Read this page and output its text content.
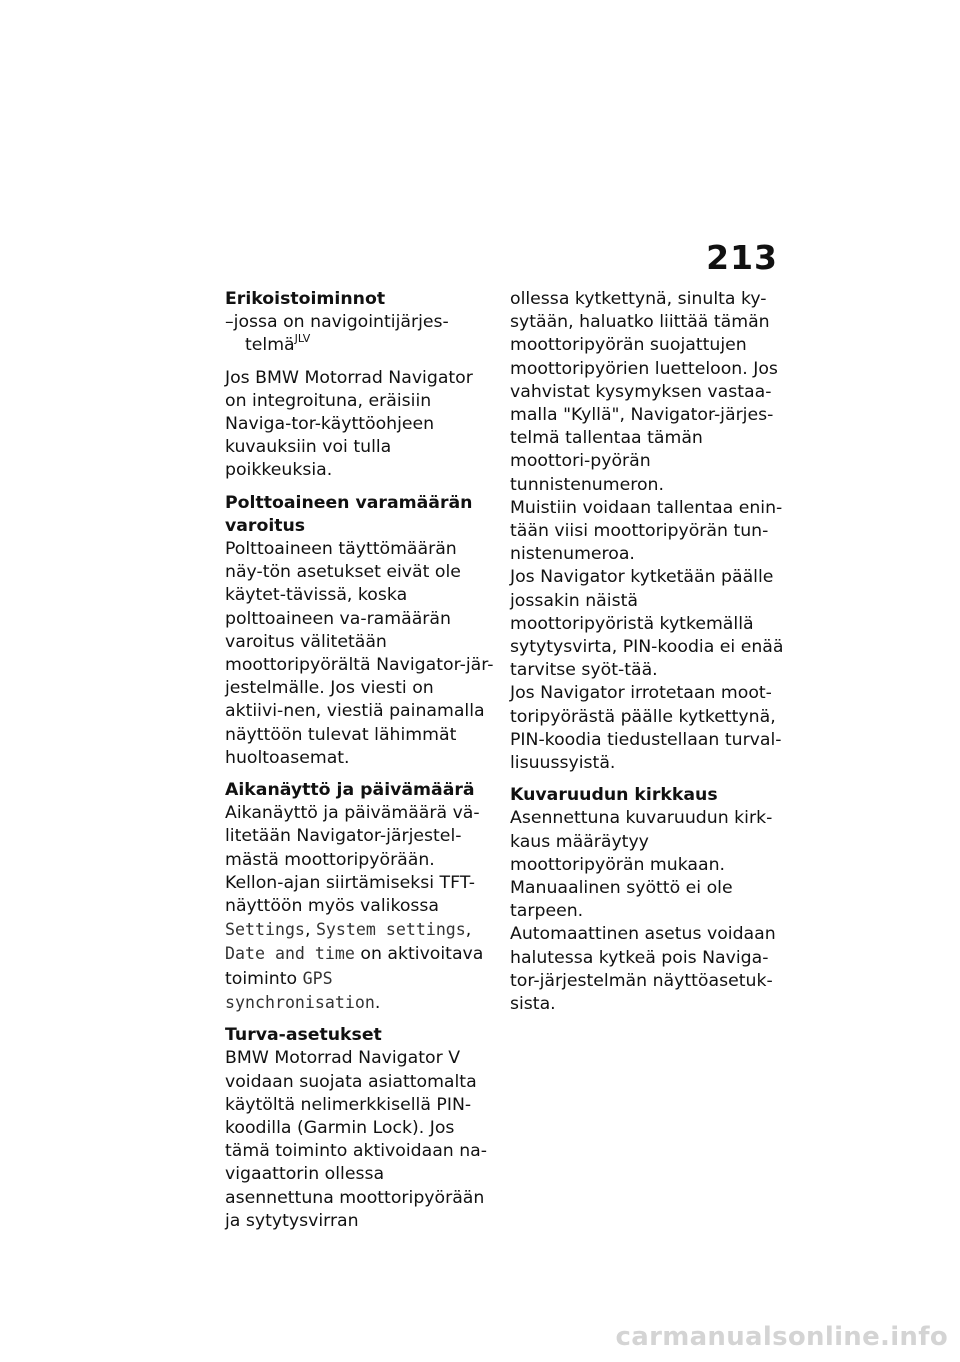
213

Erikoistoiminnot

–jossa on navigointijärjes-
telmä$^{JLV}$

Jos BMW Motorrad Navigator on integroituna, eräisiin Naviga-tor-käyttöohjeen kuvauksiin voi tulla poikkeuksia.

Polttoaineen varamäärän varoitus

Polttoaineen täyttömäärän näy-tön asetukset eivät ole käytet-tävissä, koska polttoaineen va-ramäärän varoitus välitetään moottoripyörältä Navigator-jär-jestelmälle. Jos viesti on aktiivi-nen, viestiä painamalla näyttöön tulevat lähimmät huoltoasemat.

Aikanäyttö ja päivämäärä

Aikanäyttö ja päivämäärä vä-litetään Navigator-järjestel-mästä moottoripyörään. Kellon-ajan siirtämiseksi TFT-näyttöön myös valikossa Settings, System settings, Date and time on aktivoitava toiminto GPS synchronisation.

Turva-asetukset

BMW Motorrad Navigator V voidaan suojata asiattomalta käytöltä nelimerkkisellä PIN-koodilla (Garmin Lock). Jos tämä toiminto aktivoidaan na-vigaattorin ollessa asennettuna moottoripyörään ja sytytysvirran

ollessa kytkettynä, sinulta ky-sytään, haluatko liittää tämän moottoripyörän suojattujen moottoripyörien luetteloon. Jos vahvistat kysymyksen vastaa-malla "Kyllä", Navigator-järjes-telmä tallentaa tämän moottori-pyörän tunnistenumeron.

Muistiin voidaan tallentaa enin-tään viisi moottoripyörän tun-nistenumeroa.

Jos Navigator kytketään päälle jossakin näistä moottoripyöristä kytkemällä sytytysvirta, PIN-koodia ei enää tarvitse syöt-tää.

Jos Navigator irrotetaan moot-toripyörästä päälle kytkettynä, PIN-koodia tiedustellaan turval-lisuussyistä.

Kuvaruudun kirkkaus

Asennettuna kuvaruudun kirk-kaus määräytyy moottoripyörän mukaan. Manuaalinen syöttö ei ole tarpeen.

Automaattinen asetus voidaan halutessa kytkeä pois Naviga-tor-järjestelmän näyttöasetuk-sista.

carmanualsonline.info
